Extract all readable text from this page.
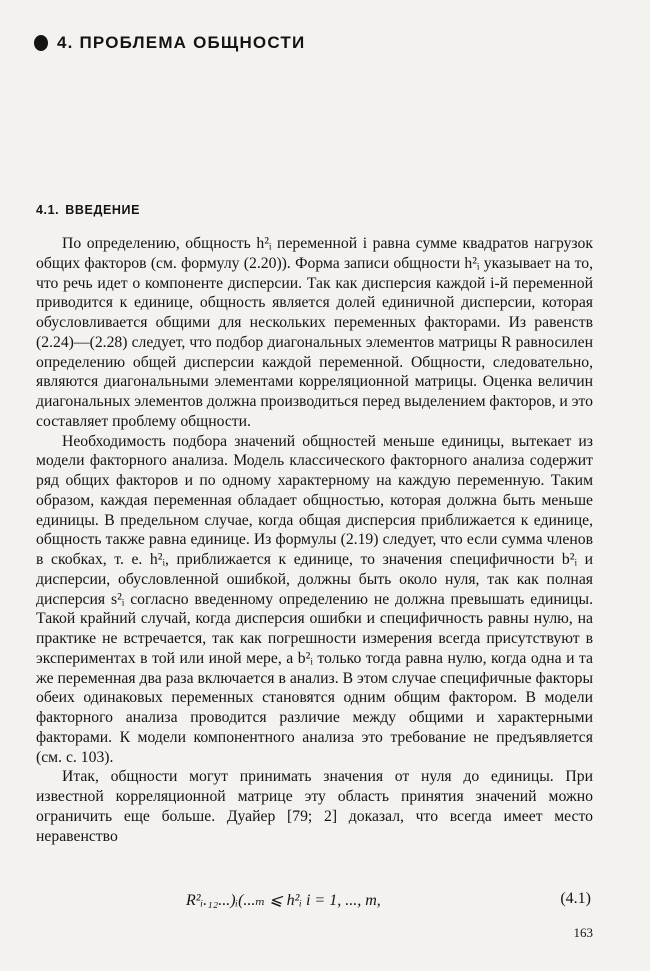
4. ПРОБЛЕМА ОБЩНОСТИ
4.1. ВВЕДЕНИЕ

По определению, общность h²ᵢ переменной i равна сумме квадратов нагрузок общих факторов (см. формулу (2.20)). Форма записи общности h²ᵢ указывает на то, что речь идет о компоненте дисперсии. Так как дисперсия каждой i-й переменной приводится к единице, общность является долей единичной дисперсии, которая обусловливается общими для нескольких переменных факторами. Из равенств (2.24)—(2.28) следует, что подбор диагональных элементов матрицы R равносилен определению общей дисперсии каждой переменной. Общности, следовательно, являются диагональными элементами корреляционной матрицы. Оценка величин диагональных элементов должна производиться перед выделением факторов, и это составляет проблему общности.

Необходимость подбора значений общностей меньше единицы, вытекает из модели факторного анализа. Модель классического факторного анализа содержит ряд общих факторов и по одному характерному на каждую переменную. Таким образом, каждая переменная обладает общностью, которая должна быть меньше единицы. В предельном случае, когда общая дисперсия приближается к единице, общность также равна единице. Из формулы (2.19) следует, что если сумма членов в скобках, т. е. h²ᵢ, приближается к единице, то значения специфичности b²ᵢ и дисперсии, обусловленной ошибкой, должны быть около нуля, так как полная дисперсия s²ᵢ согласно введенному определению не должна превышать единицы. Такой крайний случай, когда дисперсия ошибки и специфичность равны нулю, на практике не встречается, так как погрешности измерения всегда присутствуют в экспериментах в той или иной мере, а b²ᵢ только тогда равна нулю, когда одна и та же переменная два раза включается в анализ. В этом случае специфичные факторы обеих одинаковых переменных становятся одним общим фактором. В модели факторного анализа проводится различие между общими и характерными факторами. К модели компонентного анализа это требование не предъявляется (см. с. 103).

Итак, общности могут принимать значения от нуля до единицы. При известной корреляционной матрице эту область принятия значений можно ограничить еще больше. Дуайер [79; 2] доказал, что всегда имеет место неравенство

R²ᵢ.₁₂...)ᵢ(...ₘ ⩽ h²ᵢ i = 1, ..., m,	(4.1)
163
